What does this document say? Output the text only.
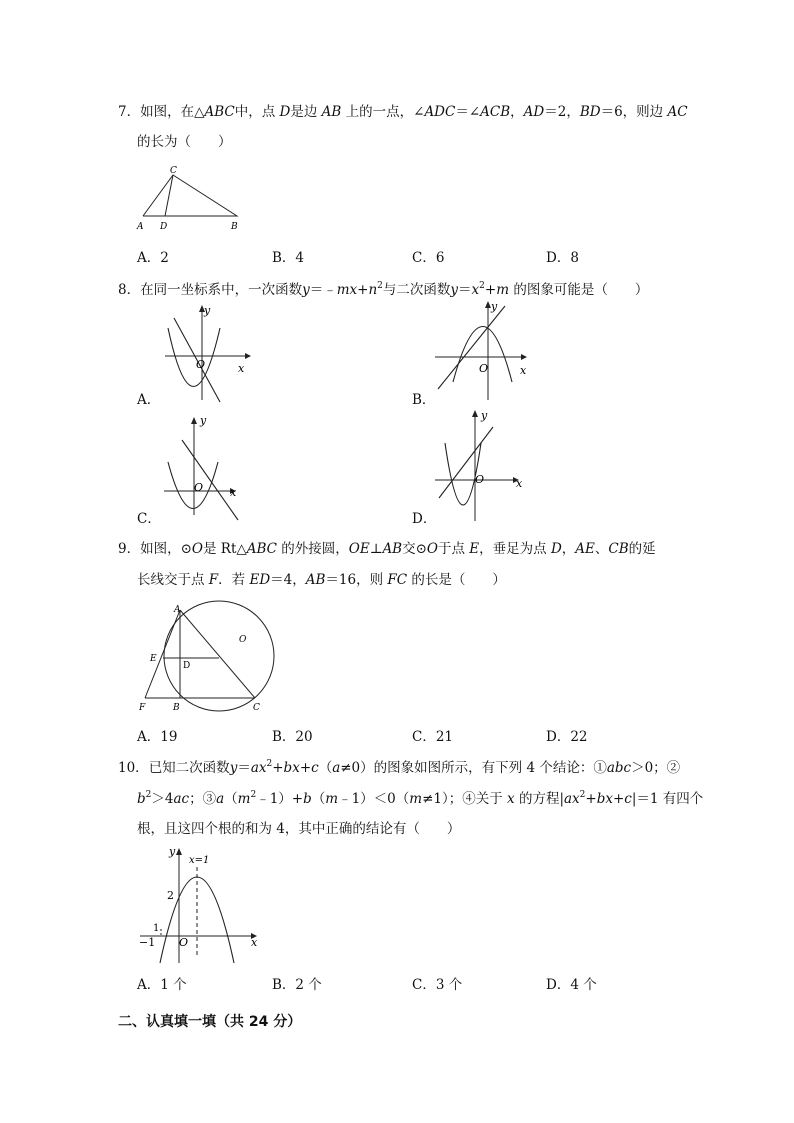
7．如图，在△ABC中，点 D是边 AB 上的一点，∠ADC＝∠ACB，AD＝2，BD＝6，则边 AC
的长为（　　）
C
A D	B
A．2	B．4	C．6	D．8
8．在同一坐标系中，一次函数$y=﹣mx+n^2$与二次函数$y=x^2+m$ 的图象可能是（　　）
y
x
O
A．
y
x
O
B．
y
x
O
C．
y
x
O
D．
9．如图，⊙O是 Rt△ABC 的外接圆，OE⊥AB交⊙O于点 E，垂足为点 D，AE、CB的延
长线交于点 F．若 ED＝4，AB＝16，则 FC 的长是（　　）
A
O
E
D
F	B	C
A．19	B．20	C．21	D．22
10．已知二次函数$y=ax^2+bx+c(a\ne 0)$的图象如图所示，有下列 4 个结论：①abc＞0；②
$b^2>4ac$；$③a(m^2﹣1)+b(m﹣1)<0(m\ne 1)$；④关于 x 的方程$|ax^2+bx+c|=1$ 有四个
根，且这四个根的和为 4，其中正确的结论有（　　）
y
x=1
2
1
−1 O	x
A．1 个	B．2 个	C．3 个	D．4 个
二、认真填一填（共 24 分）
